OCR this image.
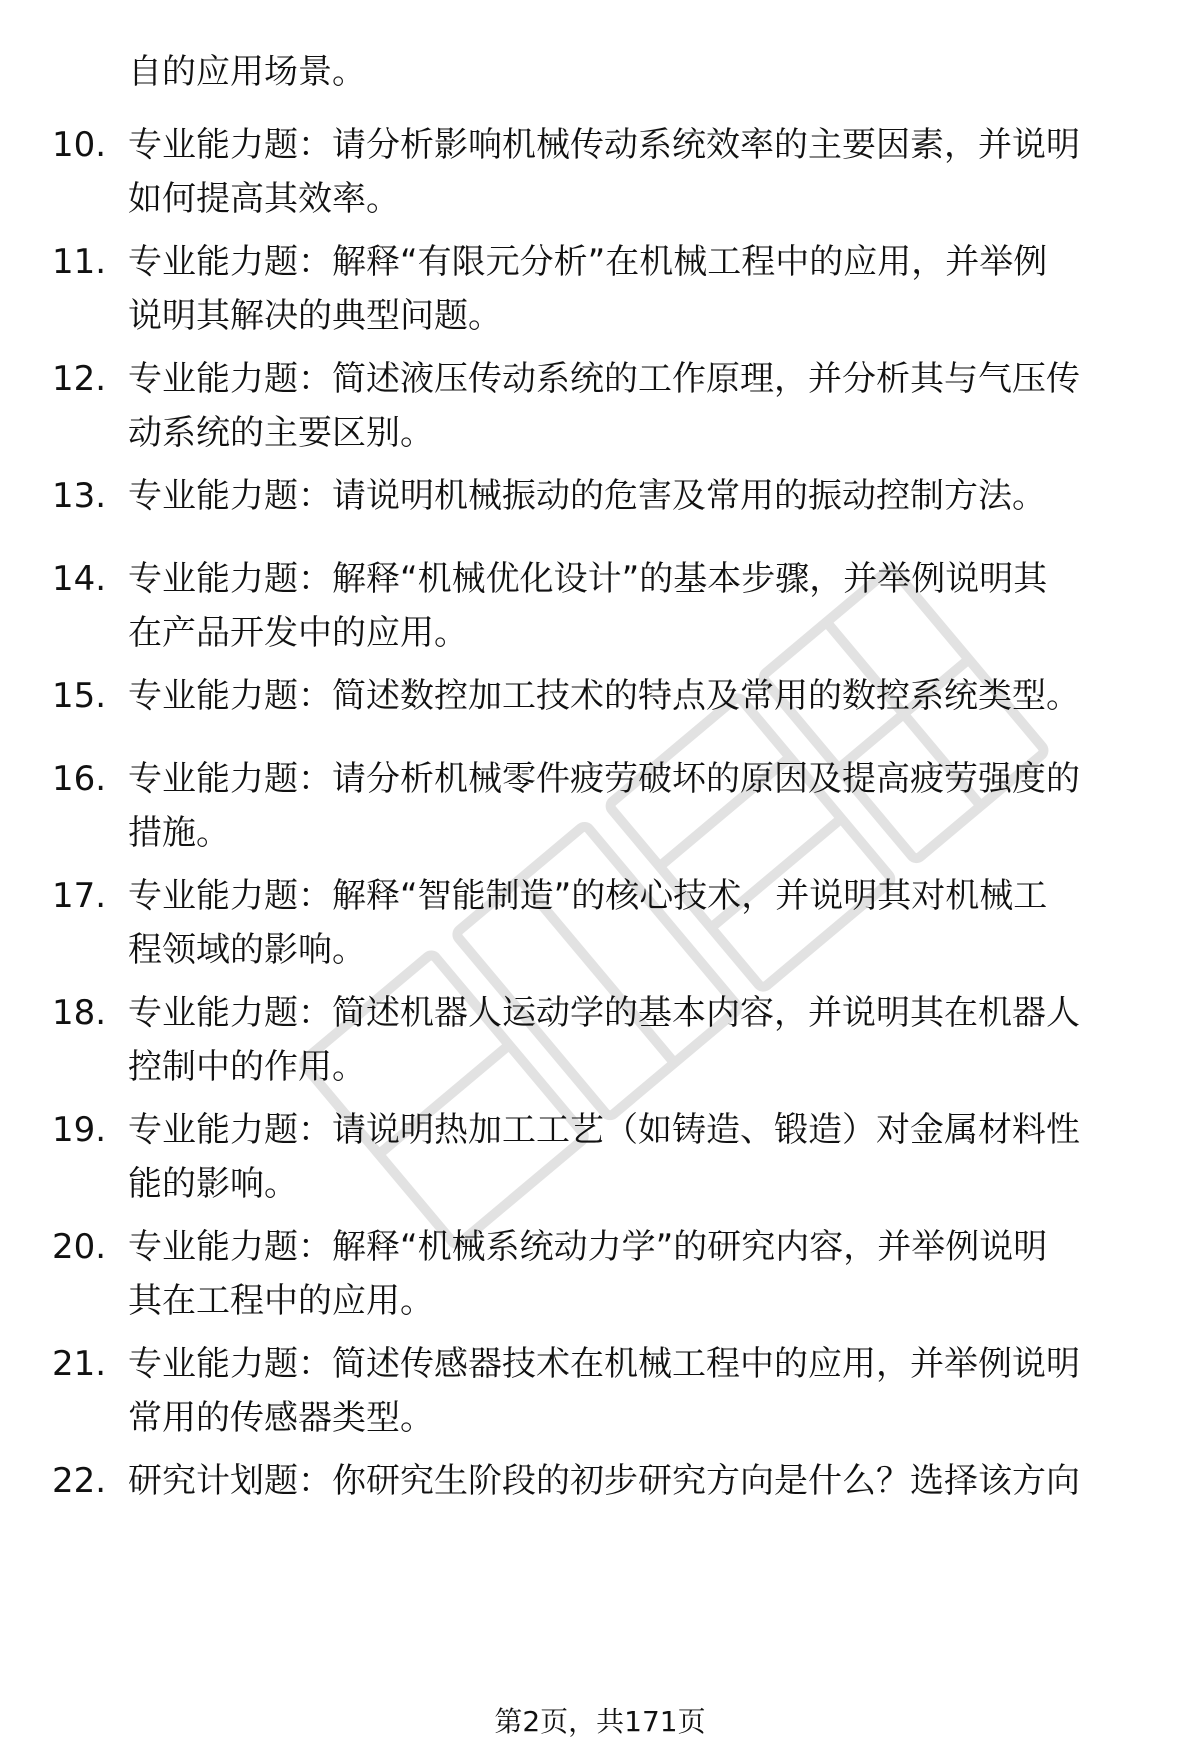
自的应用场景。
10. 专业能力题：请分析影响机械传动系统效率的主要因素，并说明
如何提高其效率。
11. 专业能力题：解释“有限元分析”在机械工程中的应用，并举例
说明其解决的典型问题。
12. 专业能力题：简述液压传动系统的工作原理，并分析其与气压传
动系统的主要区别。
13. 专业能力题：请说明机械振动的危害及常用的振动控制方法。
14. 专业能力题：解释“机械优化设计”的基本步骤，并举例说明其
在产品开发中的应用。
15. 专业能力题：简述数控加工技术的特点及常用的数控系统类型。
16. 专业能力题：请分析机械零件疲劳破坏的原因及提高疲劳强度的
措施。
17. 专业能力题：解释“智能制造”的核心技术，并说明其对机械工
程领域的影响。
18. 专业能力题：简述机器人运动学的基本内容，并说明其在机器人
控制中的作用。
19. 专业能力题：请说明热加工工艺（如铸造、锻造）对金属材料性
能的影响。
20. 专业能力题：解释“机械系统动力学”的研究内容，并举例说明
其在工程中的应用。
21. 专业能力题：简述传感器技术在机械工程中的应用，并举例说明
常用的传感器类型。
22. 研究计划题：你研究生阶段的初步研究方向是什么？选择该方向
第2页，共171页
